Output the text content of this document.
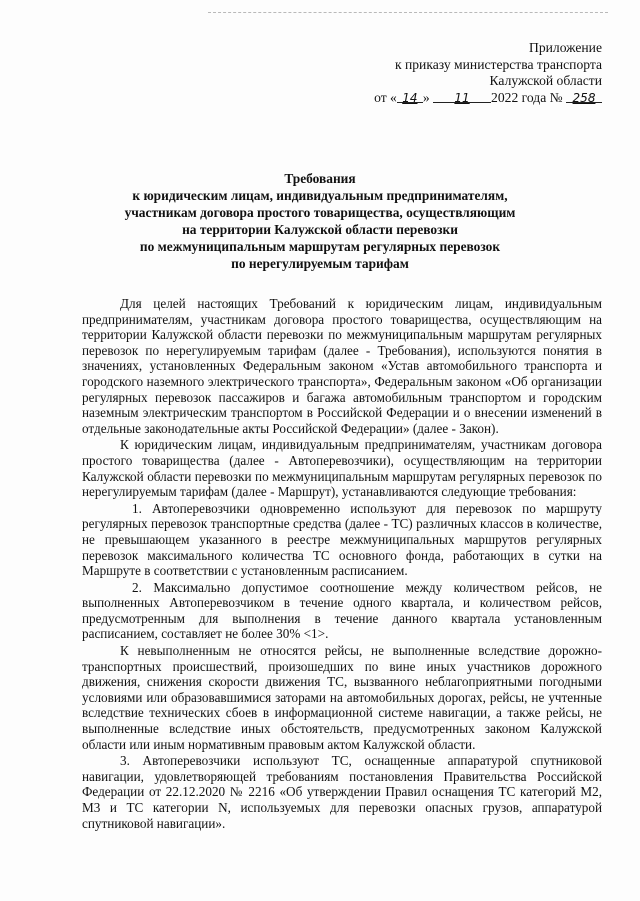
Приложение
к приказу министерства транспорта
Калужской области
от « 14 » 11 2022 года № 258
Требования
к юридическим лицам, индивидуальным предпринимателям,
участникам договора простого товарищества, осуществляющим
на территории Калужской области перевозки
по межмуниципальным маршрутам регулярных перевозок
по нерегулируемым тарифам

Для целей настоящих Требований к юридическим лицам, индивидуальным предпринимателям, участникам договора простого товарищества, осуществляющим на территории Калужской области перевозки по межмуниципальным маршрутам регулярных перевозок по нерегулируемым тарифам (далее - Требования), используются понятия в значениях, установленных Федеральным законом «Устав автомобильного транспорта и городского наземного электрического транспорта», Федеральным законом «Об организации регулярных перевозок пассажиров и багажа автомобильным транспортом и городским наземным электрическим транспортом в Российской Федерации и о внесении изменений в отдельные законодательные акты Российской Федерации» (далее - Закон).

К юридическим лицам, индивидуальным предпринимателям, участникам договора простого товарищества (далее - Автоперевозчики), осуществляющим на территории Калужской области перевозки по межмуниципальным маршрутам регулярных перевозок по нерегулируемым тарифам (далее - Маршрут), устанавливаются следующие требования:

1. Автоперевозчики одновременно используют для перевозок по маршруту регулярных перевозок транспортные средства (далее - ТС) различных классов в количестве, не превышающем указанного в реестре межмуниципальных маршрутов регулярных перевозок максимального количества ТС основного фонда, работающих в сутки на Маршруте в соответствии с установленным расписанием.

2. Максимально допустимое соотношение между количеством рейсов, не выполненных Автоперевозчиком в течение одного квартала, и количеством рейсов, предусмотренным для выполнения в течение данного квартала установленным расписанием, составляет не более 30% <1>.

К невыполненным не относятся рейсы, не выполненные вследствие дорожно-транспортных происшествий, произошедших по вине иных участников дорожного движения, снижения скорости движения ТС, вызванного неблагоприятными погодными условиями или образовавшимися заторами на автомобильных дорогах, рейсы, не учтенные вследствие технических сбоев в информационной системе навигации, а также рейсы, не выполненные вследствие иных обстоятельств, предусмотренных законом Калужской области или иным нормативным правовым актом Калужской области.

3. Автоперевозчики используют ТС, оснащенные аппаратурой спутниковой навигации, удовлетворяющей требованиям постановления Правительства Российской Федерации от 22.12.2020 № 2216 «Об утверждении Правил оснащения ТС категорий М2, М3 и ТС категории N, используемых для перевозки опасных грузов, аппаратурой спутниковой навигации».
